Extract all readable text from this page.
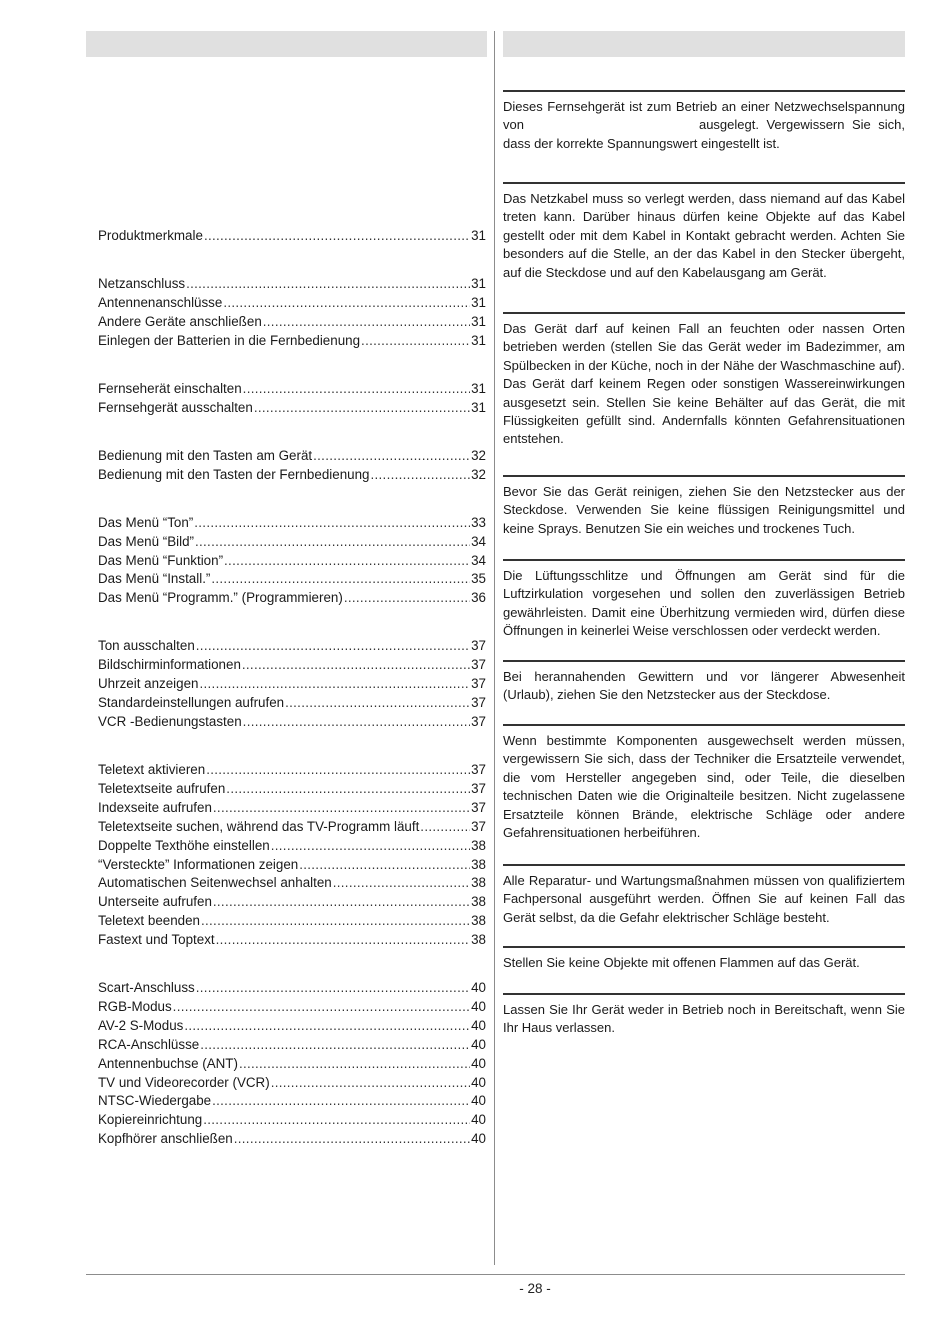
Produktmerkmale .....	31
Netzanschluss .....	31
Antennenanschlüsse .....	31
Andere Geräte anschließen .....	31
Einlegen der Batterien in die Fernbedienung .....	31
Fernseherät einschalten .....	31
Fernsehgerät ausschalten .....	31
Bedienung mit den Tasten am Gerät .....	32
Bedienung mit den Tasten der Fernbedienung .....	32
Das Menü “Ton” .....	33
Das Menü “Bild” .....	34
Das Menü “Funktion” .....	34
Das Menü “Install.” .....	35
Das Menü “Programm.” (Programmieren) .....	36
Ton ausschalten .....	37
Bildschirminformationen .....	37
Uhrzeit anzeigen .....	37
Standardeinstellungen aufrufen .....	37
VCR -Bedienungstasten .....	37
Teletext aktivieren .....	37
Teletextseite aufrufen .....	37
Indexseite aufrufen .....	37
Teletextseite suchen, während das TV-Programm läuft .....	37
Doppelte Texthöhe einstellen .....	38
“Versteckte” Informationen zeigen .....	38
Automatischen Seitenwechsel anhalten .....	38
Unterseite aufrufen .....	38
Teletext beenden .....	38
Fastext und Toptext .....	38
Scart-Anschluss .....	40
RGB-Modus .....	40
AV-2 S-Modus .....	40
RCA-Anschlüsse .....	40
Antennenbuchse (ANT) .....	40
TV und Videorecorder (VCR) .....	40
NTSC-Wiedergabe .....	40
Kopiereinrichtung .....	40
Kopfhörer anschließen .....	40
Dieses Fernsehgerät ist zum Betrieb an einer Netzwechselspannung von	ausgelegt. Vergewissern Sie sich, dass der korrekte Spannungswert eingestellt ist.
Das Netzkabel muss so verlegt werden, dass niemand auf das Kabel treten kann. Darüber hinaus dürfen keine Objekte auf das Kabel gestellt oder mit dem Kabel in Kontakt gebracht werden. Achten Sie besonders auf die Stelle, an der das Kabel in den Stecker übergeht, auf die Steckdose und auf den Kabelausgang am Gerät.
Das Gerät darf auf keinen Fall an feuchten oder nassen Orten betrieben werden (stellen Sie das Gerät weder im Badezimmer, am Spülbecken in der Küche, noch in der Nähe der Waschmaschine auf). Das Gerät darf keinem Regen oder sonstigen Wassereinwirkungen ausgesetzt sein. Stellen Sie keine Behälter auf das Gerät, die mit Flüssigkeiten gefüllt sind. Andernfalls könnten Gefahrensituationen entstehen.
Bevor Sie das Gerät reinigen, ziehen Sie den Netzstecker aus der Steckdose. Verwenden Sie keine flüssigen Reinigungsmittel und keine Sprays. Benutzen Sie ein weiches und trockenes Tuch.
Die Lüftungsschlitze und Öffnungen am Gerät sind für die Luftzirkulation vorgesehen und sollen den zuverlässigen Betrieb gewährleisten. Damit eine Überhitzung vermieden wird, dürfen diese Öffnungen in keinerlei Weise verschlossen oder verdeckt werden.
Bei herannahenden Gewittern und vor längerer Abwesenheit (Urlaub), ziehen Sie den Netzstecker aus der Steckdose.
Wenn bestimmte Komponenten ausgewechselt werden müssen, vergewissern Sie sich, dass der Techniker die Ersatzteile verwendet, die vom Hersteller angegeben sind, oder Teile, die dieselben technischen Daten wie die Originalteile besitzen. Nicht zugelassene Ersatzteile können Brände, elektrische Schläge oder andere Gefahrensituationen herbeiführen.
Alle Reparatur- und Wartungsmaßnahmen müssen von qualifiziertem Fachpersonal ausgeführt werden. Öffnen Sie auf keinen Fall das Gerät selbst, da die Gefahr elektrischer Schläge besteht.
Stellen Sie keine Objekte mit offenen Flammen auf das Gerät.
Lassen Sie Ihr Gerät weder in Betrieb noch in Bereitschaft, wenn Sie Ihr Haus verlassen.
- 28 -
